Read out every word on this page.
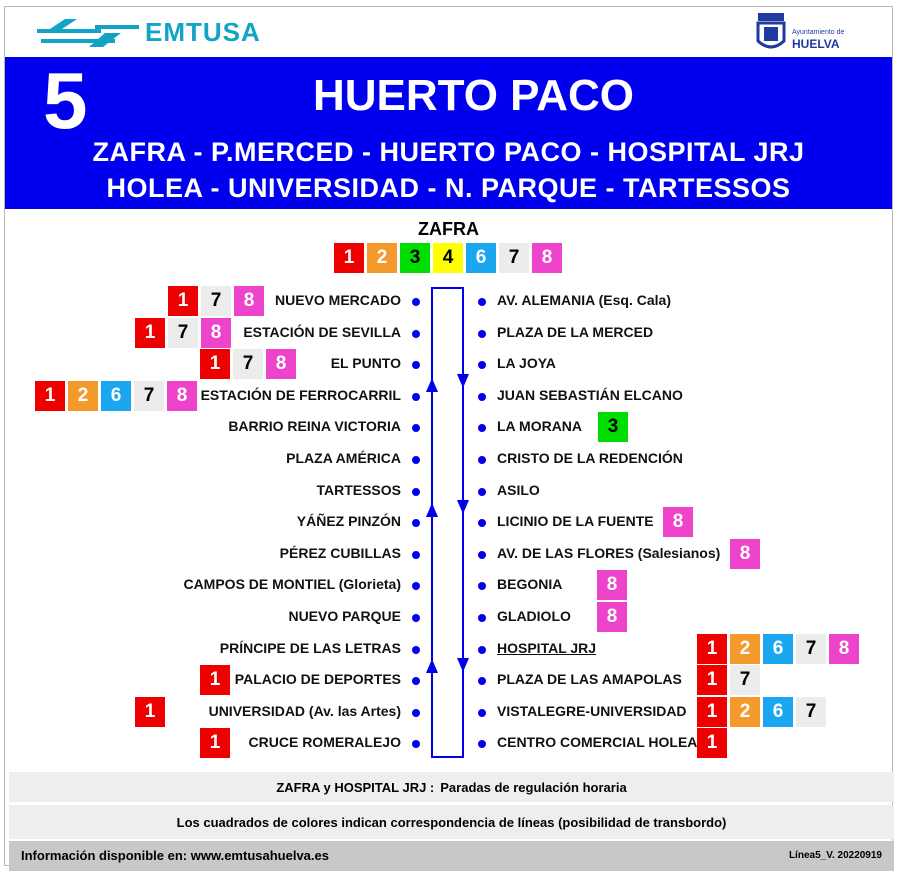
EMTUSA	Ayuntamiento de
HUELVA
5	HUERTO PACO
ZAFRA - P.MERCED - HUERTO PACO - HOSPITAL JRJ
HOLEA - UNIVERSIDAD - N. PARQUE - TARTESSOS
ZAFRA
ZAFRA y HOSPITAL JRJ : Paradas de regulación horaria
Los cuadrados de colores indican correspondencia de líneas (posibilidad de transbordo)
Información disponible en: www.emtusahuelva.es	Línea5_V. 20220919
1	2	3	4	6	7	8
NUEVO MERCADO
1	7	8
ESTACIÓN DE SEVILLA
1	7	8
EL PUNTO
1	7	8
ESTACIÓN DE FERROCARRIL
1	2	6	7	8
BARRIO REINA VICTORIA
PLAZA AMÉRICA
TARTESSOS
YÁÑEZ PINZÓN
PÉREZ CUBILLAS
CAMPOS DE MONTIEL (Glorieta)
NUEVO PARQUE
PRÍNCIPE DE LAS LETRAS
PALACIO DE DEPORTES
1
UNIVERSIDAD (Av. las Artes)
1
CRUCE ROMERALEJO
1
AV. ALEMANIA (Esq. Cala)
PLAZA DE LA MERCED
LA JOYA
JUAN SEBASTIÁN ELCANO
LA MORANA	3
CRISTO DE LA REDENCIÓN
ASILO
LICINIO DE LA FUENTE	8
AV. DE LAS FLORES (Salesianos)	8
BEGONIA	8
GLADIOLO	8
HOSPITAL JRJ	1	2	6	7	8
PLAZA DE LAS AMAPOLAS	1	7
VISTALEGRE-UNIVERSIDAD	1	2	6	7
CENTRO COMERCIAL HOLEA 1
